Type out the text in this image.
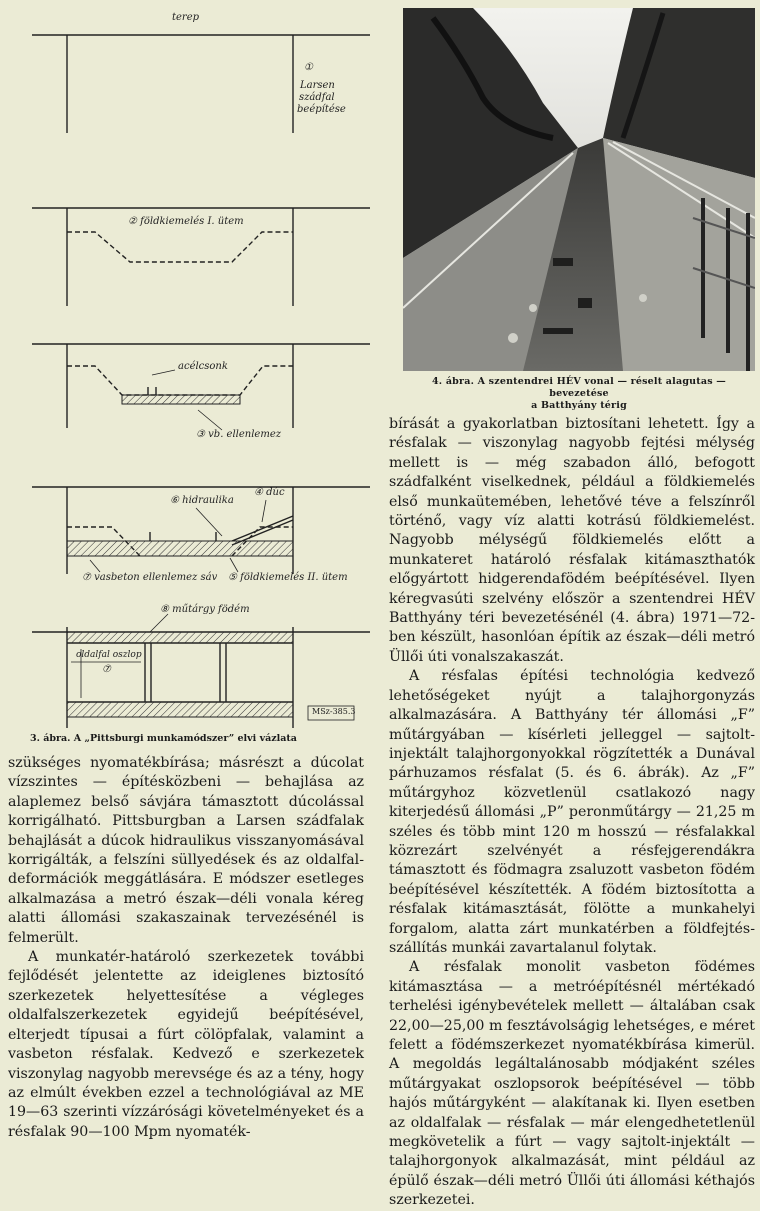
terep
①
Larsen
szádfal
beépítése
② földkiemelés I. ütem
acélcsonk
③ vb. ellenlemez
⑥ hidraulika
④ dúc
⑦ vasbeton ellenlemez sáv ⑤ földkiemelés II. ütem
⑧ műtárgy födém
oldalfal oszlop
⑦
MSz-385.3
3. ábra. A „Pittsburgi munkamódszer” elvi vázlata
4. ábra. A szentendrei HÉV vonal — réselt alagutas — bevezetése
a Batthyány térig

szükséges nyomatékbírása; másrészt a dúcolat vízszintes — építésközbeni — behajlása az alaplemez belső sávjára támasztott dúcolással korrigálható. Pittsburgban a Larsen szádfalak behajlását a dúcok hidraulikus visszanyomásával korrigálták, a felszíni süllyedések és az oldalfal-deformációk meggátlására. E módszer esetleges alkalmazása a metró észak—déli vonala kéreg alatti állomási szakaszainak tervezésénél is felmerült.

A munkatér-határoló szerkezetek további fejlődését jelentette az ideiglenes biztosító szerkezetek helyettesítése a végleges oldalfalszerkezetek egyidejű beépítésével, elterjedt típusai a fúrt cölöpfalak, valamint a vasbeton résfalak. Kedvező e szerkezetek viszonylag nagyobb merevsége és az a tény, hogy az elmúlt években ezzel a technológiával az ME 19—63 szerinti vízzárósági követelményeket és a résfalak 90—100 Mpm nyomaték-

bírását a gyakorlatban biztosítani lehetett. Így a résfalak — viszonylag nagyobb fejtési mélység mellett is — még szabadon álló, befogott szádfalként viselkednek, például a földkiemelés első munkaütemében, lehetővé téve a felszínről történő, vagy víz alatti kotrású földkiemelést. Nagyobb mélységű földkiemelés előtt a munkateret határoló résfalak kitámaszthatók előgyártott hidgerendafödém beépítésével. Ilyen kéregvasúti szelvény először a szentendrei HÉV Batthyány téri bevezetésénél (4. ábra) 1971—72-ben készült, hasonlóan építik az észak—déli metró Üllői úti vonalszakaszát.

A résfalas építési technológia kedvező lehetőségeket nyújt a talajhorgonyzás alkalmazására. A Batthyány tér állomási „F” műtárgyában — kísérleti jelleggel — sajtolt-injektált talajhorgonyokkal rögzítették a Dunával párhuzamos résfalat (5. és 6. ábrák). Az „F” műtárgyhoz közvetlenül csatlakozó nagy kiterjedésű állomási „P” peronműtárgy — 21,25 m széles és több mint 120 m hosszú — résfalakkal közrezárt szelvényét a résfejgerendákra támasztott és födmagra zsaluzott vasbeton födém beépítésével készítették. A födém biztosította a résfalak kitámasztását, fölötte a munkahelyi forgalom, alatta zárt munkatérben a földfejtés-szállítás munkái zavartalanul folytak.

A résfalak monolit vasbeton födémes kitámasztása — a metróépítésnél mértékadó terhelési igénybevételek mellett — általában csak 22,00—25,00 m fesztávolságig lehetséges, e méret felett a födémszerkezet nyomatékbírása kimerül. A megoldás legáltalánosabb módjaként széles műtárgyakat oszlopsorok beépítésével — több hajós műtárgyként — alakítanak ki. Ilyen esetben az oldalfalak — résfalak — már elengedhetetlenül megkövetelik a fúrt — vagy sajtolt-injektált — talajhorgonyok alkalmazását, mint például az épülő észak—déli metró Üllői úti állomási kéthajós szerkezetei.
